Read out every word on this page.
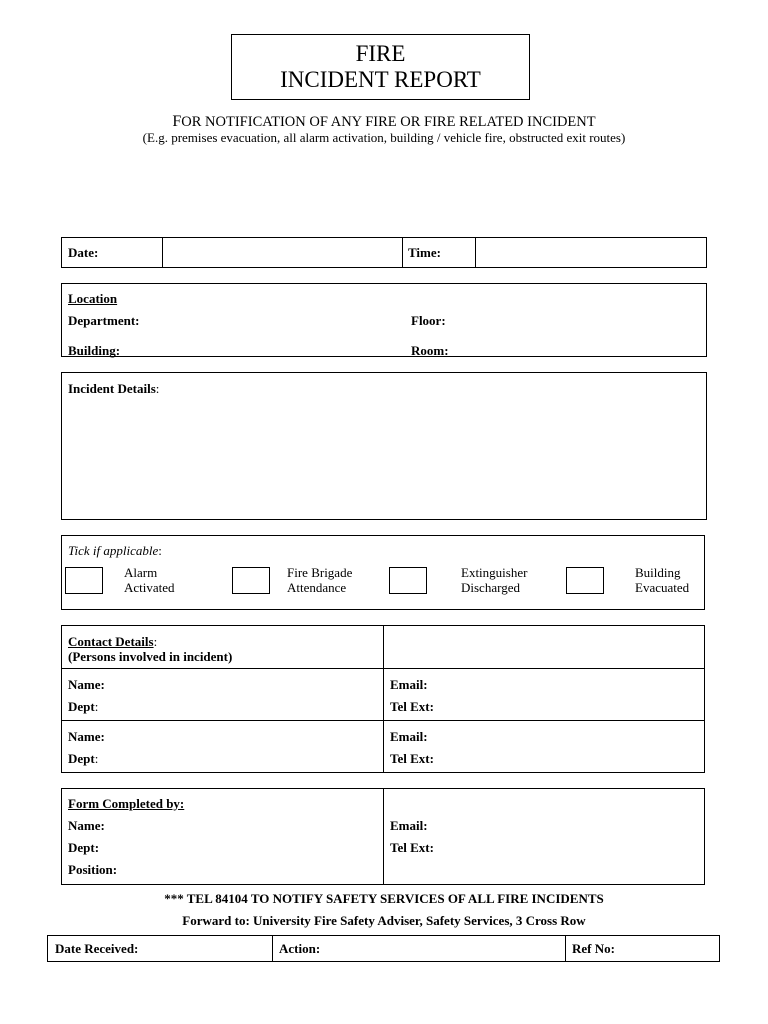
FIRE
INCIDENT REPORT
FOR NOTIFICATION OF ANY FIRE OR FIRE RELATED INCIDENT
(E.g. premises evacuation, all alarm activation, building / vehicle fire, obstructed exit routes)
Date:	Time:
Location
Department:	Floor:
Building:	Room:
Incident Details:
Tick if applicable:
Alarm
Activated
Fire Brigade
Attendance
Extinguisher
Discharged
Building
Evacuated
Contact Details:
(Persons involved in incident)
Name:
Dept:
Email:
Tel Ext:
Name:
Dept:
Email:
Tel Ext:
Form Completed by:
Name:
Dept:
Position:
Email:
Tel Ext:
*** TEL 84104 TO NOTIFY SAFETY SERVICES OF ALL FIRE INCIDENTS
Forward to: University Fire Safety Adviser, Safety Services, 3 Cross Row
Date Received:	Action:	Ref No:
